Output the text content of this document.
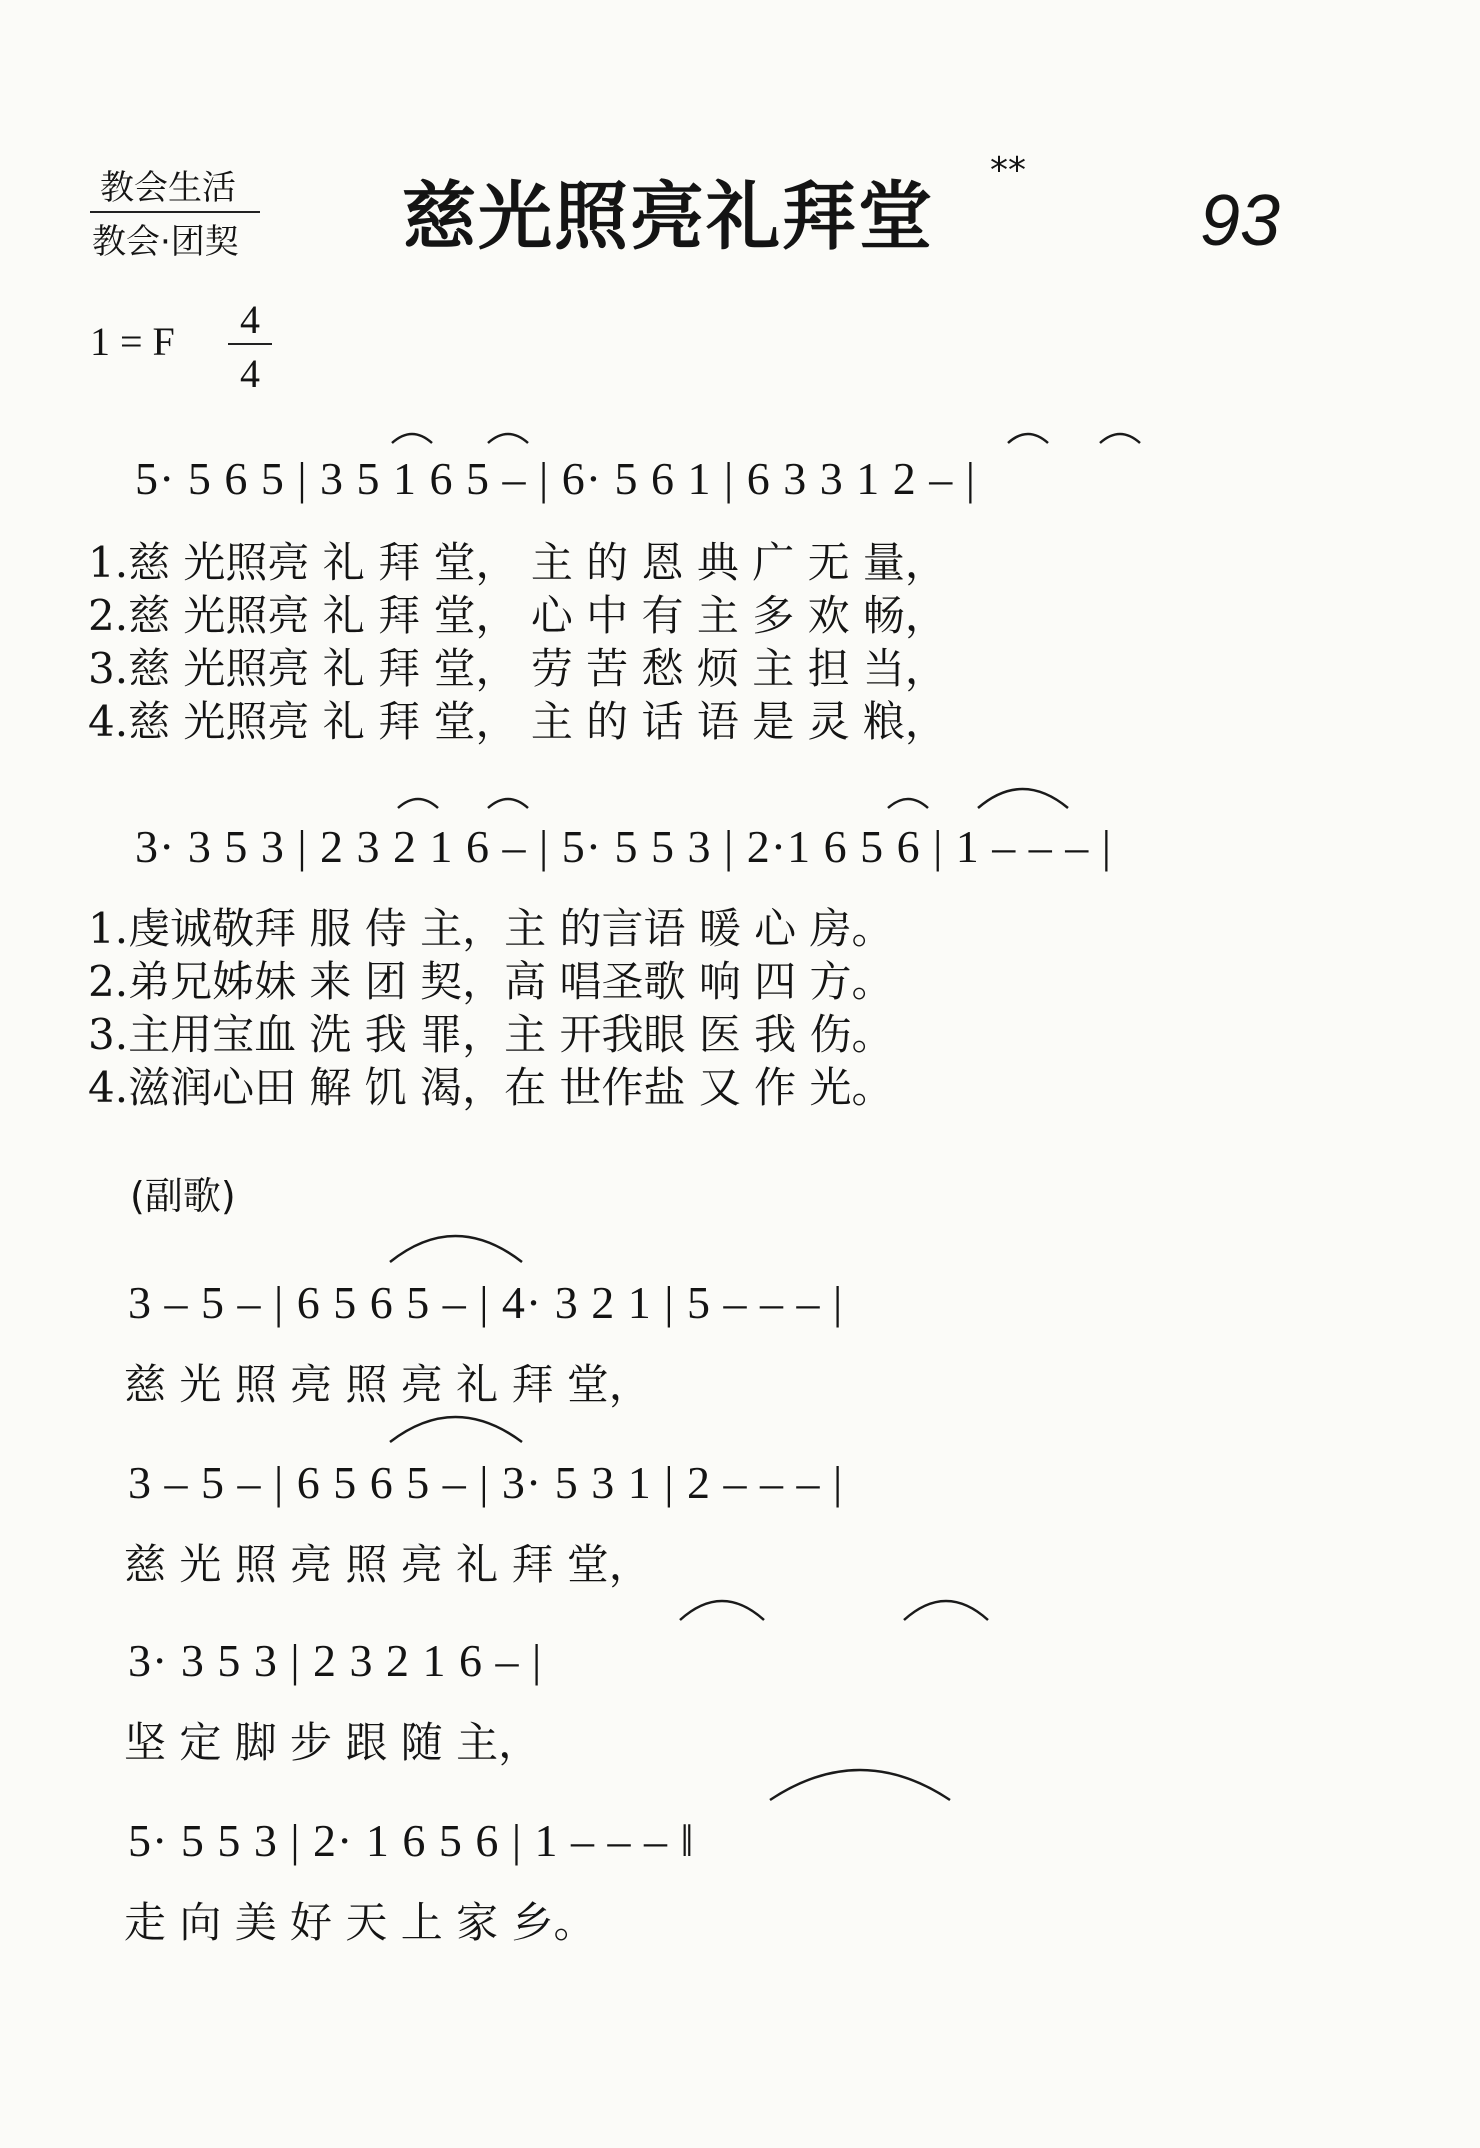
教会生活
教会·团契 慈光照亮礼拜堂
**
93
1 = F 4
4
5· 5 6 5 | 3 5 1 6 5 – | 6· 5 6 1 | 6 3 3 1 2 – |
1.慈 光照亮 礼 拜 堂， 主 的 恩 典 广 无 量，
2.慈 光照亮 礼 拜 堂， 心 中 有 主 多 欢 畅，
3.慈 光照亮 礼 拜 堂， 劳 苦 愁 烦 主 担 当，
4.慈 光照亮 礼 拜 堂， 主 的 话 语 是 灵 粮，
3· 3 5 3 | 2 3 2 1 6 – | 5· 5 5 3 | 2·1 6 5 6 | 1 – – – |
1.虔诚敬拜 服 侍 主，主 的言语 暖 心 房。
2.弟兄姊妹 来 团 契，高 唱圣歌 响 四 方。
3.主用宝血 洗 我 罪，主 开我眼 医 我 伤。
4.滋润心田 解 饥 渴，在 世作盐 又 作 光。
(副歌)
3 – 5 – | 6 5 6 5 – | 4· 3 2 1 | 5 – – – |
慈 光 照 亮 照 亮 礼 拜 堂，
3 – 5 – | 6 5 6 5 – | 3· 5 3 1 | 2 – – – |
慈 光 照 亮 照 亮 礼 拜 堂，
3· 3 5 3 | 2 3 2 1 6 – |
坚 定 脚 步 跟 随 主，
5· 5 5 3 | 2· 1 6 5 6 | 1 – – – ‖
走 向 美 好 天 上 家 乡。
